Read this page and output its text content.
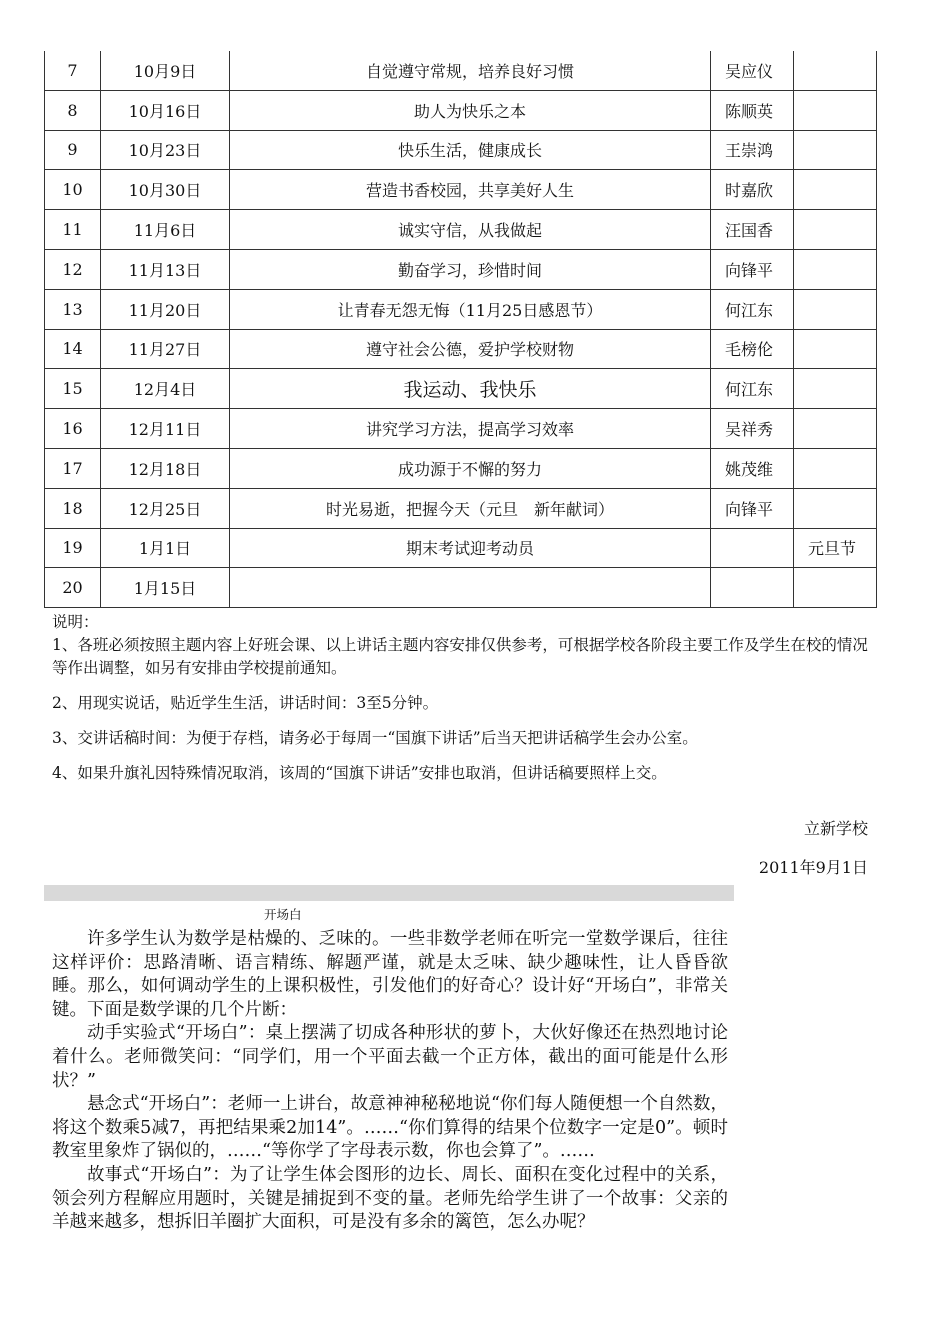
7	10月9日	自觉遵守常规，培养良好习惯	吴应仪	
8	10月16日	助人为快乐之本	陈顺英	
9	10月23日	快乐生活，健康成长	王崇鸿	
10	10月30日	营造书香校园，共享美好人生	时嘉欣	
11	11月6日	诚实守信，从我做起	汪国香	
12	11月13日	勤奋学习，珍惜时间	向锋平	
13	11月20日	让青春无怨无悔（11月25日感恩节）	何江东	
14	11月27日	遵守社会公德，爱护学校财物	毛榜伦	
15	12月4日	我运动、我快乐	何江东	
16	12月11日	讲究学习方法，提高学习效率	吴祥秀	
17	12月18日	成功源于不懈的努力	姚茂维	
18	12月25日	时光易逝，把握今天（元旦　新年献词）	向锋平	
19	1月1日	期末考试迎考动员		元旦节
20	1月15日			

说明：

1、各班必须按照主题内容上好班会课、以上讲话主题内容安排仅供参考，可根据学校各阶段主要工作及学生在校的情况等作出调整，如另有安排由学校提前通知。

2、用现实说话，贴近学生生活，讲话时间：3至5分钟。

3、交讲话稿时间：为便于存档，请务必于每周一“国旗下讲话”后当天把讲话稿学生会办公室。

4、如果升旗礼因特殊情况取消，该周的“国旗下讲话”安排也取消，但讲话稿要照样上交。

立新学校
2011年9月1日
开场白

许多学生认为数学是枯燥的、乏味的。一些非数学老师在听完一堂数学课后，往往这样评价：思路清晰、语言精练、解题严谨，就是太乏味、缺少趣味性，让人昏昏欲睡。那么，如何调动学生的上课积极性，引发他们的好奇心？设计好“开场白”，非常关键。下面是数学课的几个片断：

动手实验式“开场白”：桌上摆满了切成各种形状的萝卜，大伙好像还在热烈地讨论着什么。老师微笑问：“同学们，用一个平面去截一个正方体，截出的面可能是什么形状？”

悬念式“开场白”：老师一上讲台，故意神神秘秘地说“你们每人随便想一个自然数，将这个数乘5减7，再把结果乘2加14”。……“你们算得的结果个位数字一定是0”。顿时教室里象炸了锅似的，……“等你学了字母表示数，你也会算了”。……

故事式“开场白”：为了让学生体会图形的边长、周长、面积在变化过程中的关系，领会列方程解应用题时，关键是捕捉到不变的量。老师先给学生讲了一个故事：父亲的羊越来越多，想拆旧羊圈扩大面积，可是没有多余的篱笆，怎么办呢？
